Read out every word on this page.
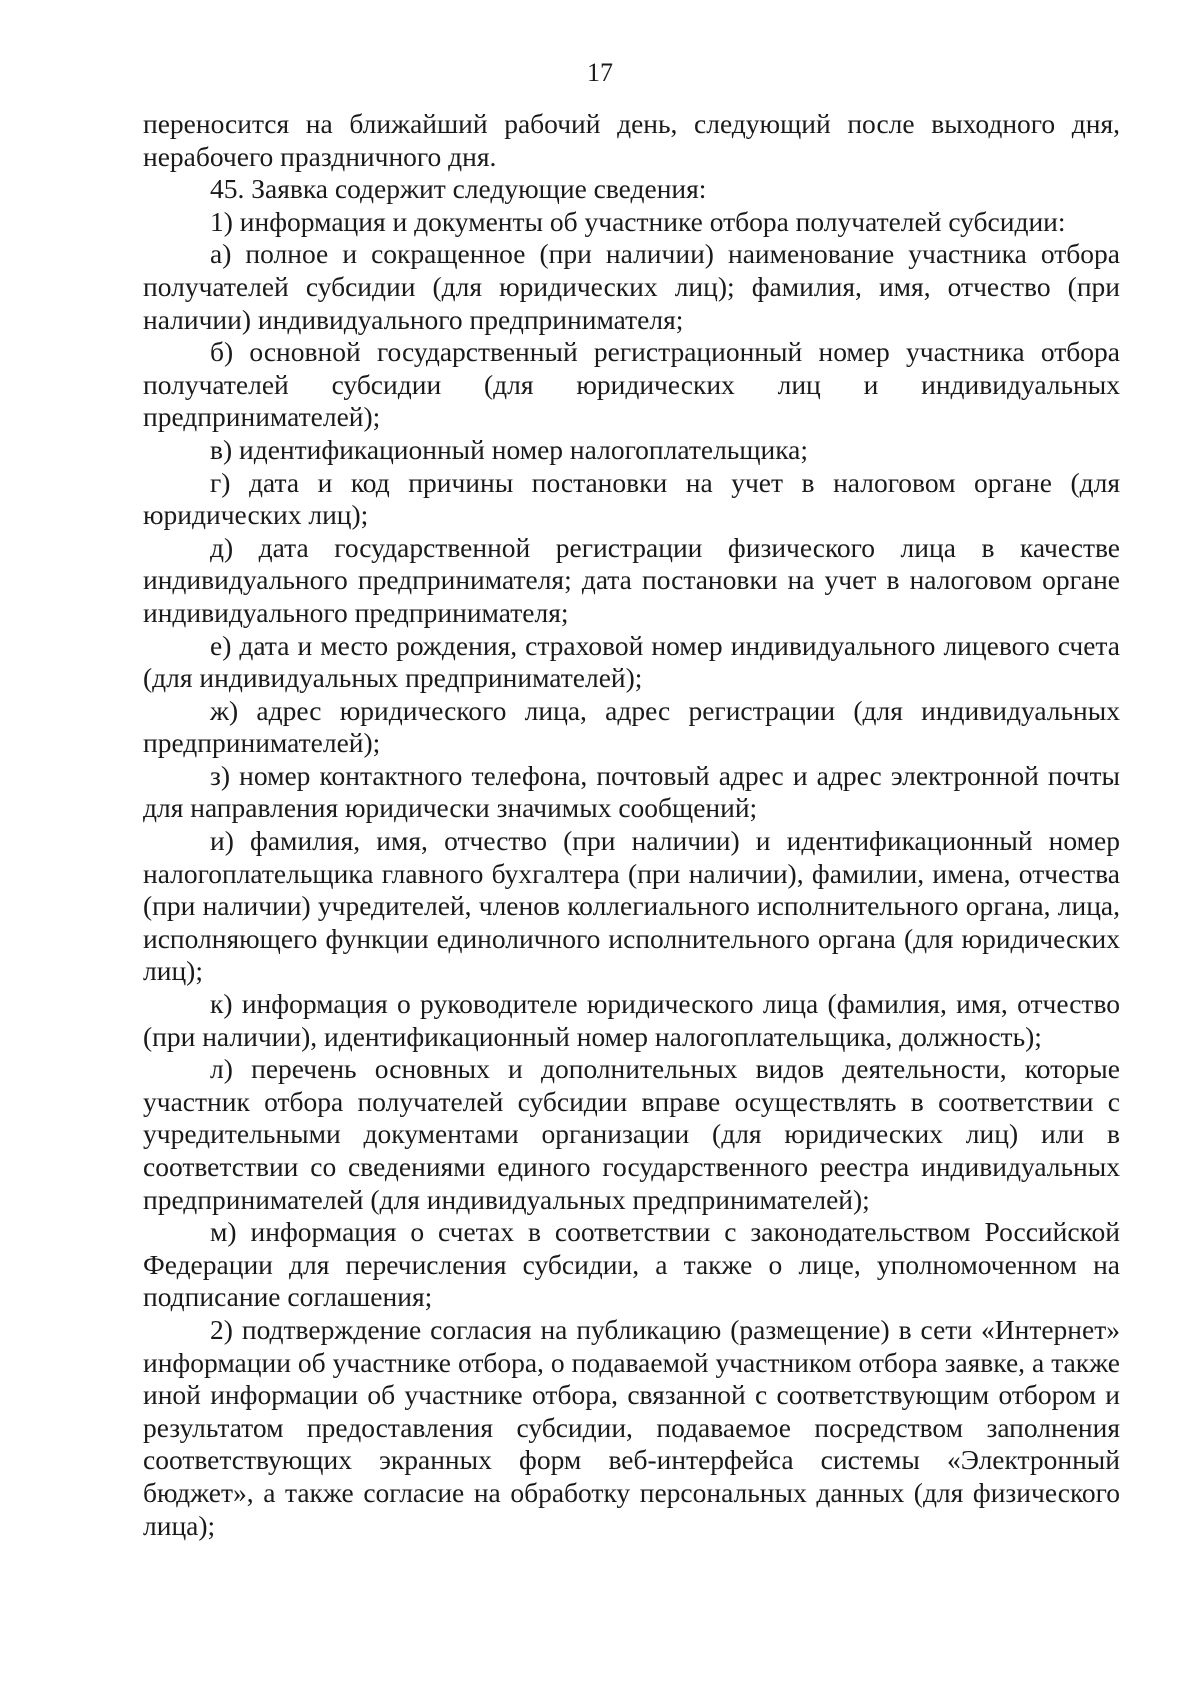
17

переносится на ближайший рабочий день, следующий после выходного дня, нерабочего праздничного дня.

45. Заявка содержит следующие сведения:

1) информация и документы об участнике отбора получателей субсидии:

а) полное и сокращенное (при наличии) наименование участника отбора получателей субсидии (для юридических лиц); фамилия, имя, отчество (при наличии) индивидуального предпринимателя;

б) основной государственный регистрационный номер участника отбора получателей субсидии (для юридических лиц и индивидуальных предпринимателей);

в) идентификационный номер налогоплательщика;

г) дата и код причины постановки на учет в налоговом органе (для юридических лиц);

д) дата государственной регистрации физического лица в качестве индивидуального предпринимателя; дата постановки на учет в налоговом органе индивидуального предпринимателя;

е) дата и место рождения, страховой номер индивидуального лицевого счета (для индивидуальных предпринимателей);

ж) адрес юридического лица, адрес регистрации (для индивидуальных предпринимателей);

з) номер контактного телефона, почтовый адрес и адрес электронной почты для направления юридически значимых сообщений;

и) фамилия, имя, отчество (при наличии) и идентификационный номер налогоплательщика главного бухгалтера (при наличии), фамилии, имена, отчества (при наличии) учредителей, членов коллегиального исполнительного органа, лица, исполняющего функции единоличного исполнительного органа (для юридических лиц);

к) информация о руководителе юридического лица (фамилия, имя, отчество (при наличии), идентификационный номер налогоплательщика, должность);

л) перечень основных и дополнительных видов деятельности, которые участник отбора получателей субсидии вправе осуществлять в соответствии с учредительными документами организации (для юридических лиц) или в соответствии со сведениями единого государственного реестра индивидуальных предпринимателей (для индивидуальных предпринимателей);

м) информация о счетах в соответствии с законодательством Российской Федерации для перечисления субсидии, а также о лице, уполномоченном на подписание соглашения;

2) подтверждение согласия на публикацию (размещение) в сети «Интернет» информации об участнике отбора, о подаваемой участником отбора заявке, а также иной информации об участнике отбора, связанной с соответствующим отбором и результатом предоставления субсидии, подаваемое посредством заполнения соответствующих экранных форм веб-интерфейса системы «Электронный бюджет», а также согласие на обработку персональных данных (для физического лица);
